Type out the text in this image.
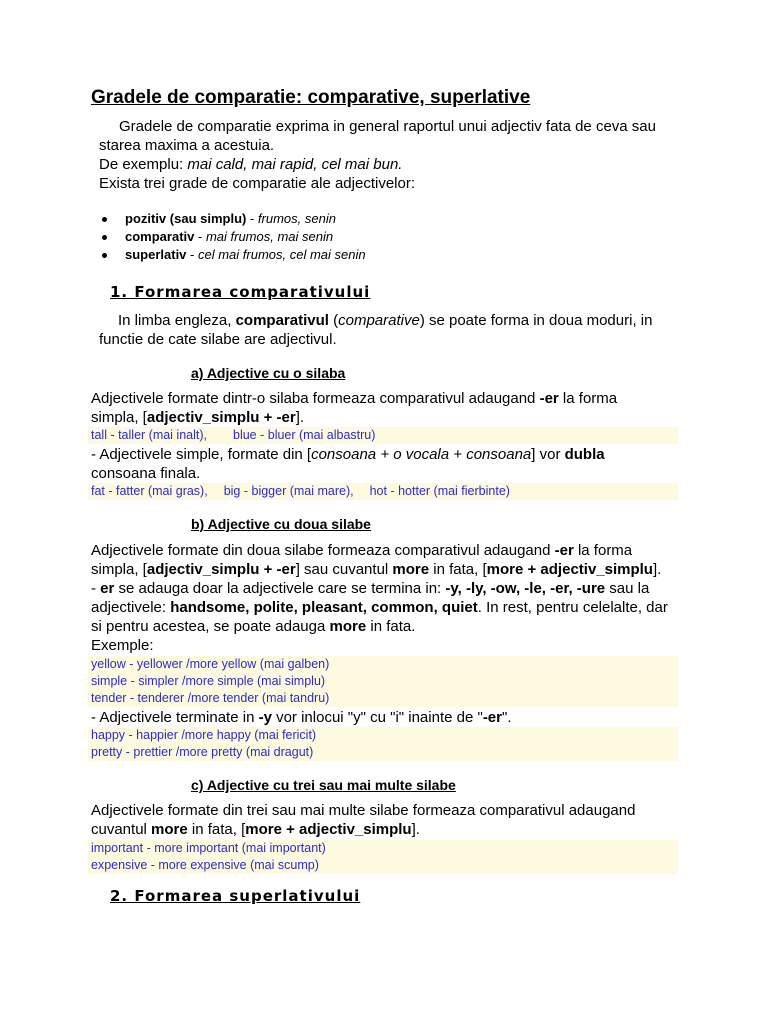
Gradele de comparatie: comparative, superlative

Gradele de comparatie exprima in general raportul unui adjectiv fata de ceva sau

starea maxima a acestuia.

De exemplu: mai cald, mai rapid, cel mai bun.

Exista trei grade de comparatie ale adjectivelor:

pozitiv (sau simplu) - frumos, senin
comparativ - mai frumos, mai senin
superlativ - cel mai frumos, cel mai senin
1. Formarea comparativului

In limba engleza, comparativul (comparative) se poate forma in doua moduri, in

functie de cate silabe are adjectivul.

a) Adjective cu o silaba

Adjectivele formate dintr-o silaba formeaza comparativul adaugand -er la forma

simpla, [adjectiv_simplu + -er].

tall - taller (mai inalt), blue - bluer (mai albastru)

- Adjectivele simple, formate din [consoana + o vocala + consoana] vor dubla

consoana finala.

fat - fatter (mai gras), big - bigger (mai mare), hot - hotter (mai fierbinte)
b) Adjective cu doua silabe

Adjectivele formate din doua silabe formeaza comparativul adaugand -er la forma

simpla, [adjectiv_simplu + -er] sau cuvantul more in fata, [more + adjectiv_simplu].

- er se adauga doar la adjectivele care se termina in: -y, -ly, -ow, -le, -er, -ure sau la

adjectivele: handsome, polite, pleasant, common, quiet. In rest, pentru celelalte, dar

si pentru acestea, se poate adauga more in fata.

Exemple:

yellow - yellower /more yellow (mai galben)
simple - simpler /more simple (mai simplu)
tender - tenderer /more tender (mai tandru)

- Adjectivele terminate in -y vor inlocui "y" cu "i" inainte de "-er".

happy - happier /more happy (mai fericit)
pretty - prettier /more pretty (mai dragut)
c) Adjective cu trei sau mai multe silabe

Adjectivele formate din trei sau mai multe silabe formeaza comparativul adaugand

cuvantul more in fata, [more + adjectiv_simplu].

important - more important (mai important)
expensive - more expensive (mai scump)
2. Formarea superlativului
